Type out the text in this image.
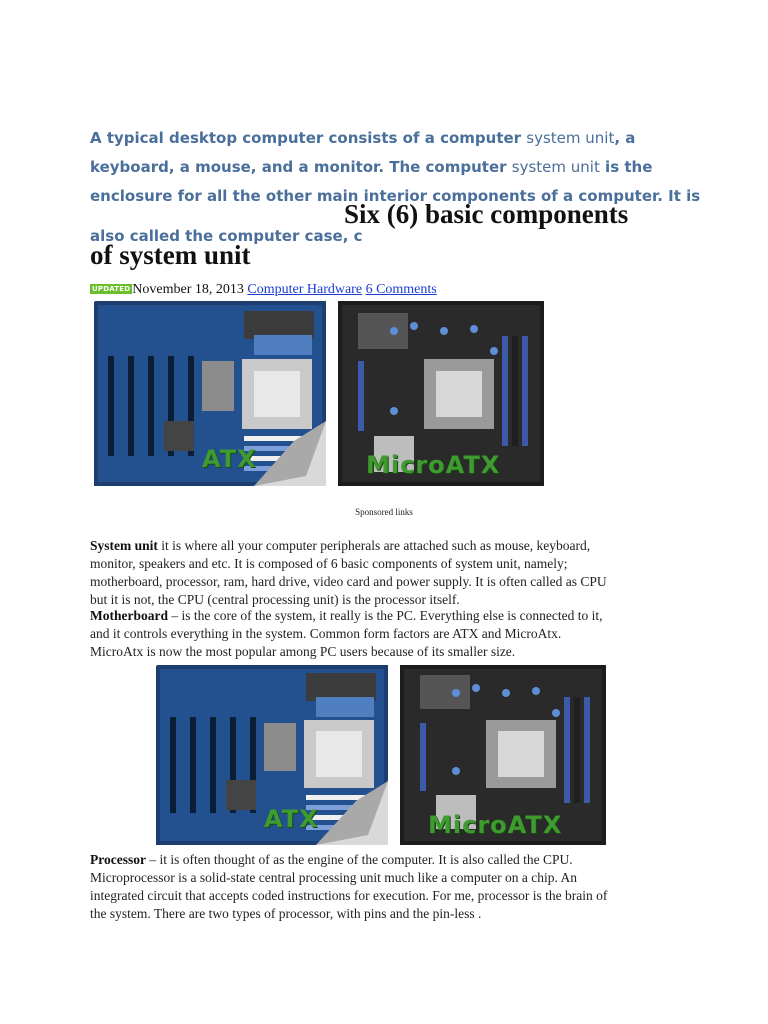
A typical desktop computer consists of a computer system unit, a
keyboard, a mouse, and a monitor. The computer system unit is the
enclosure for all the other main interior components of a computer. It is
also called the computer case, c
Six (6) basic components
of system unit
UPDATED November 18, 2013 Computer Hardware 6 Comments
ATX	MicroATX
Sponsored links
System unit it is where all your computer peripherals are attached such as mouse, keyboard,
monitor, speakers and etc. It is composed of 6 basic components of system unit, namely;
motherboard, processor, ram, hard drive, video card and power supply. It is often called as CPU
but it is not, the CPU (central processing unit) is the processor itself.
Motherboard – is the core of the system, it really is the PC. Everything else is connected to it,
and it controls everything in the system. Common form factors are ATX and MicroAtx.
MicroAtx is now the most popular among PC users because of its smaller size.
ATX	MicroATX
Processor – it is often thought of as the engine of the computer. It is also called the CPU.
Microprocessor is a solid-state central processing unit much like a computer on a chip. An
integrated circuit that accepts coded instructions for execution. For me, processor is the brain of
the system. There are two types of processor, with pins and the pin-less .
